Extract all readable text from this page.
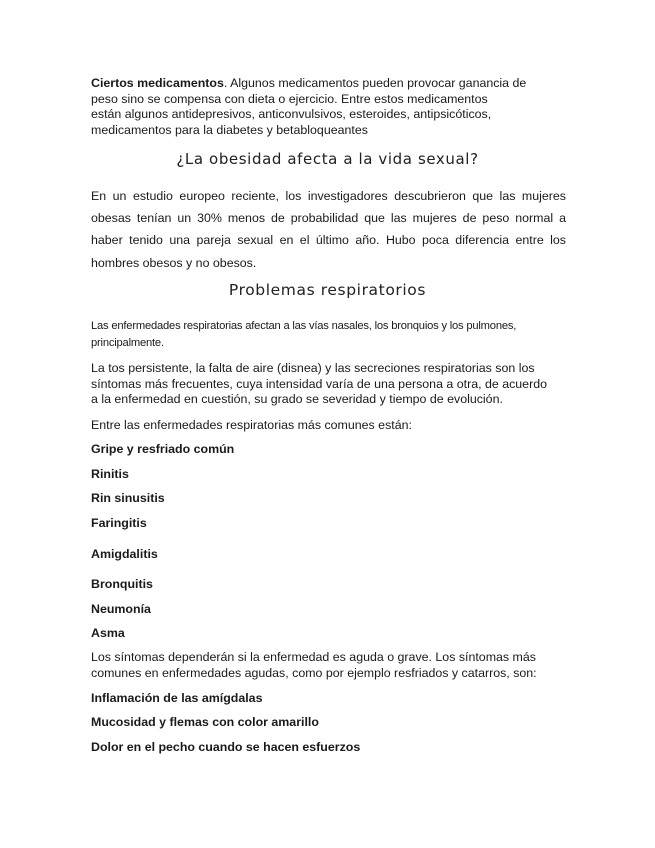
Ciertos medicamentos. Algunos medicamentos pueden provocar ganancia de
peso sino se compensa con dieta o ejercicio. Entre estos medicamentos
están algunos antidepresivos, anticonvulsivos, esteroides, antipsicóticos,
medicamentos para la diabetes y betabloqueantes
¿La obesidad afecta a la vida sexual?

En un estudio europeo reciente, los investigadores descubrieron que las mujeres obesas tenían un 30% menos de probabilidad que las mujeres de peso normal a haber tenido una pareja sexual en el último año. Hubo poca diferencia entre los hombres obesos y no obesos.

Problemas respiratorios

Las enfermedades respiratorias afectan a las vías nasales, los bronquios y los pulmones, principalmente.

La tos persistente, la falta de aire (disnea) y las secreciones respiratorias son los síntomas más frecuentes, cuya intensidad varía de una persona a otra, de acuerdo a la enfermedad en cuestión, su grado se severidad y tiempo de evolución.

Entre las enfermedades respiratorias más comunes están:

Gripe y resfriado común

Rinitis

Rin sinusitis

Faringitis

Amigdalitis

Bronquitis

Neumonía

Asma

Los síntomas dependerán si la enfermedad es aguda o grave. Los síntomas más comunes en enfermedades agudas, como por ejemplo resfriados y catarros, son:

Inflamación de las amígdalas

Mucosidad y flemas con color amarillo

Dolor en el pecho cuando se hacen esfuerzos
